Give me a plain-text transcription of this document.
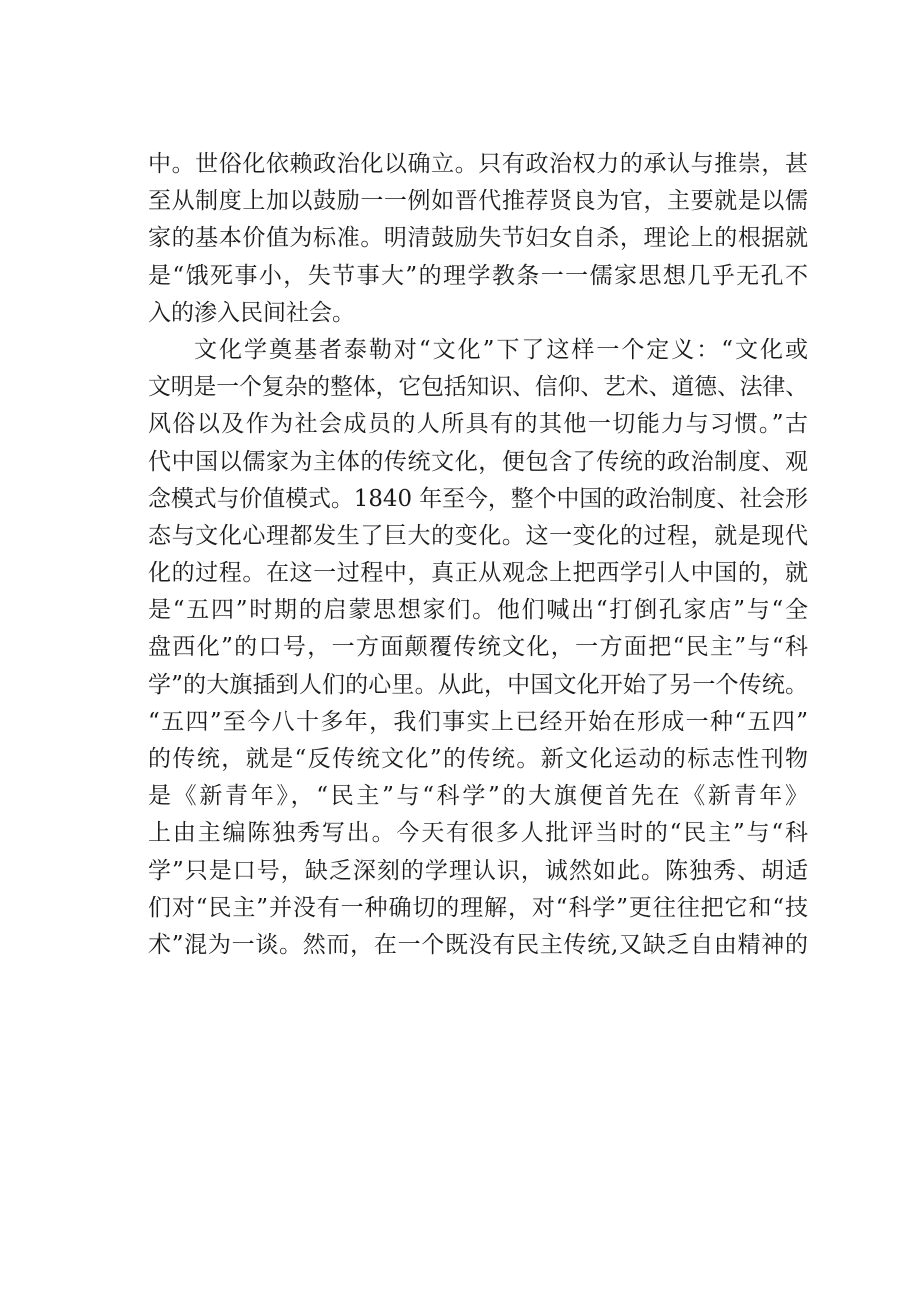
中。世俗化依赖政治化以确立。只有政治权力的承认与推崇，甚
至从制度上加以鼓励一一例如晋代推荐贤良为官，主要就是以儒
家的基本价值为标准。明清鼓励失节妇女自杀，理论上的根据就
是“饿死事小，失节事大”的理学教条一一儒家思想几乎无孔不
入的渗入民间社会。
文化学奠基者泰勒对“文化”下了这样一个定义：“文化或
文明是一个复杂的整体，它包括知识、信仰、艺术、道德、法律、
风俗以及作为社会成员的人所具有的其他一切能力与习惯。”古
代中国以儒家为主体的传统文化，便包含了传统的政治制度、观
念模式与价值模式。1840 年至今，整个中国的政治制度、社会形
态与文化心理都发生了巨大的变化。这一变化的过程，就是现代
化的过程。在这一过程中，真正从观念上把西学引人中国的，就
是“五四”时期的启蒙思想家们。他们喊出“打倒孔家店”与“全
盘西化”的口号，一方面颠覆传统文化，一方面把“民主”与“科
学”的大旗插到人们的心里。从此，中国文化开始了另一个传统。
“五四”至今八十多年，我们事实上已经开始在形成一种“五四”
的传统，就是“反传统文化”的传统。新文化运动的标志性刊物
是《新青年》，“民主”与“科学”的大旗便首先在《新青年》
上由主编陈独秀写出。今天有很多人批评当时的“民主”与“科
学”只是口号，缺乏深刻的学理认识，诚然如此。陈独秀、胡适
们对“民主”并没有一种确切的理解，对“科学”更往往把它和“技
术”混为一谈。然而，在一个既没有民主传统,又缺乏自由精神的
